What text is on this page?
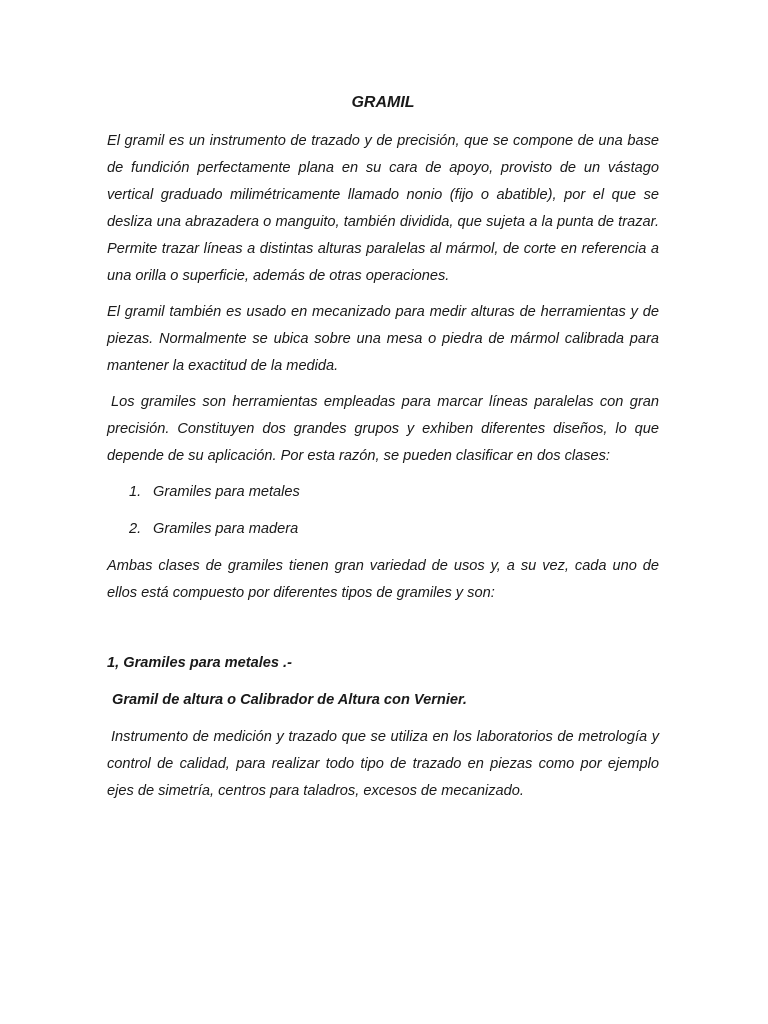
GRAMIL

El gramil es un instrumento de trazado y de precisión, que se compone de una base de fundición perfectamente plana en su cara de apoyo, provisto de un vástago vertical graduado milimétricamente llamado nonio (fijo o abatible), por el que se desliza una abrazadera o manguito, también dividida, que sujeta a la punta de trazar. Permite trazar líneas a distintas alturas paralelas al mármol, de corte en referencia a una orilla o superficie, además de otras operaciones.

El gramil también es usado en mecanizado para medir alturas de herramientas y de piezas. Normalmente se ubica sobre una mesa o piedra de mármol calibrada para mantener la exactitud de la medida.

Los gramiles son herramientas empleadas para marcar líneas paralelas con gran precisión. Constituyen dos grandes grupos y exhiben diferentes diseños, lo que depende de su aplicación. Por esta razón, se pueden clasificar en dos clases:

1. Gramiles para metales
2. Gramiles para madera

Ambas clases de gramiles tienen gran variedad de usos y, a su vez, cada uno de ellos está compuesto por diferentes tipos de gramiles y son:

1, Gramiles para metales .-

Gramil de altura o Calibrador de Altura con Vernier.

Instrumento de medición y trazado que se utiliza en los laboratorios de metrología y control de calidad, para realizar todo tipo de trazado en piezas como por ejemplo ejes de simetría, centros para taladros, excesos de mecanizado.
